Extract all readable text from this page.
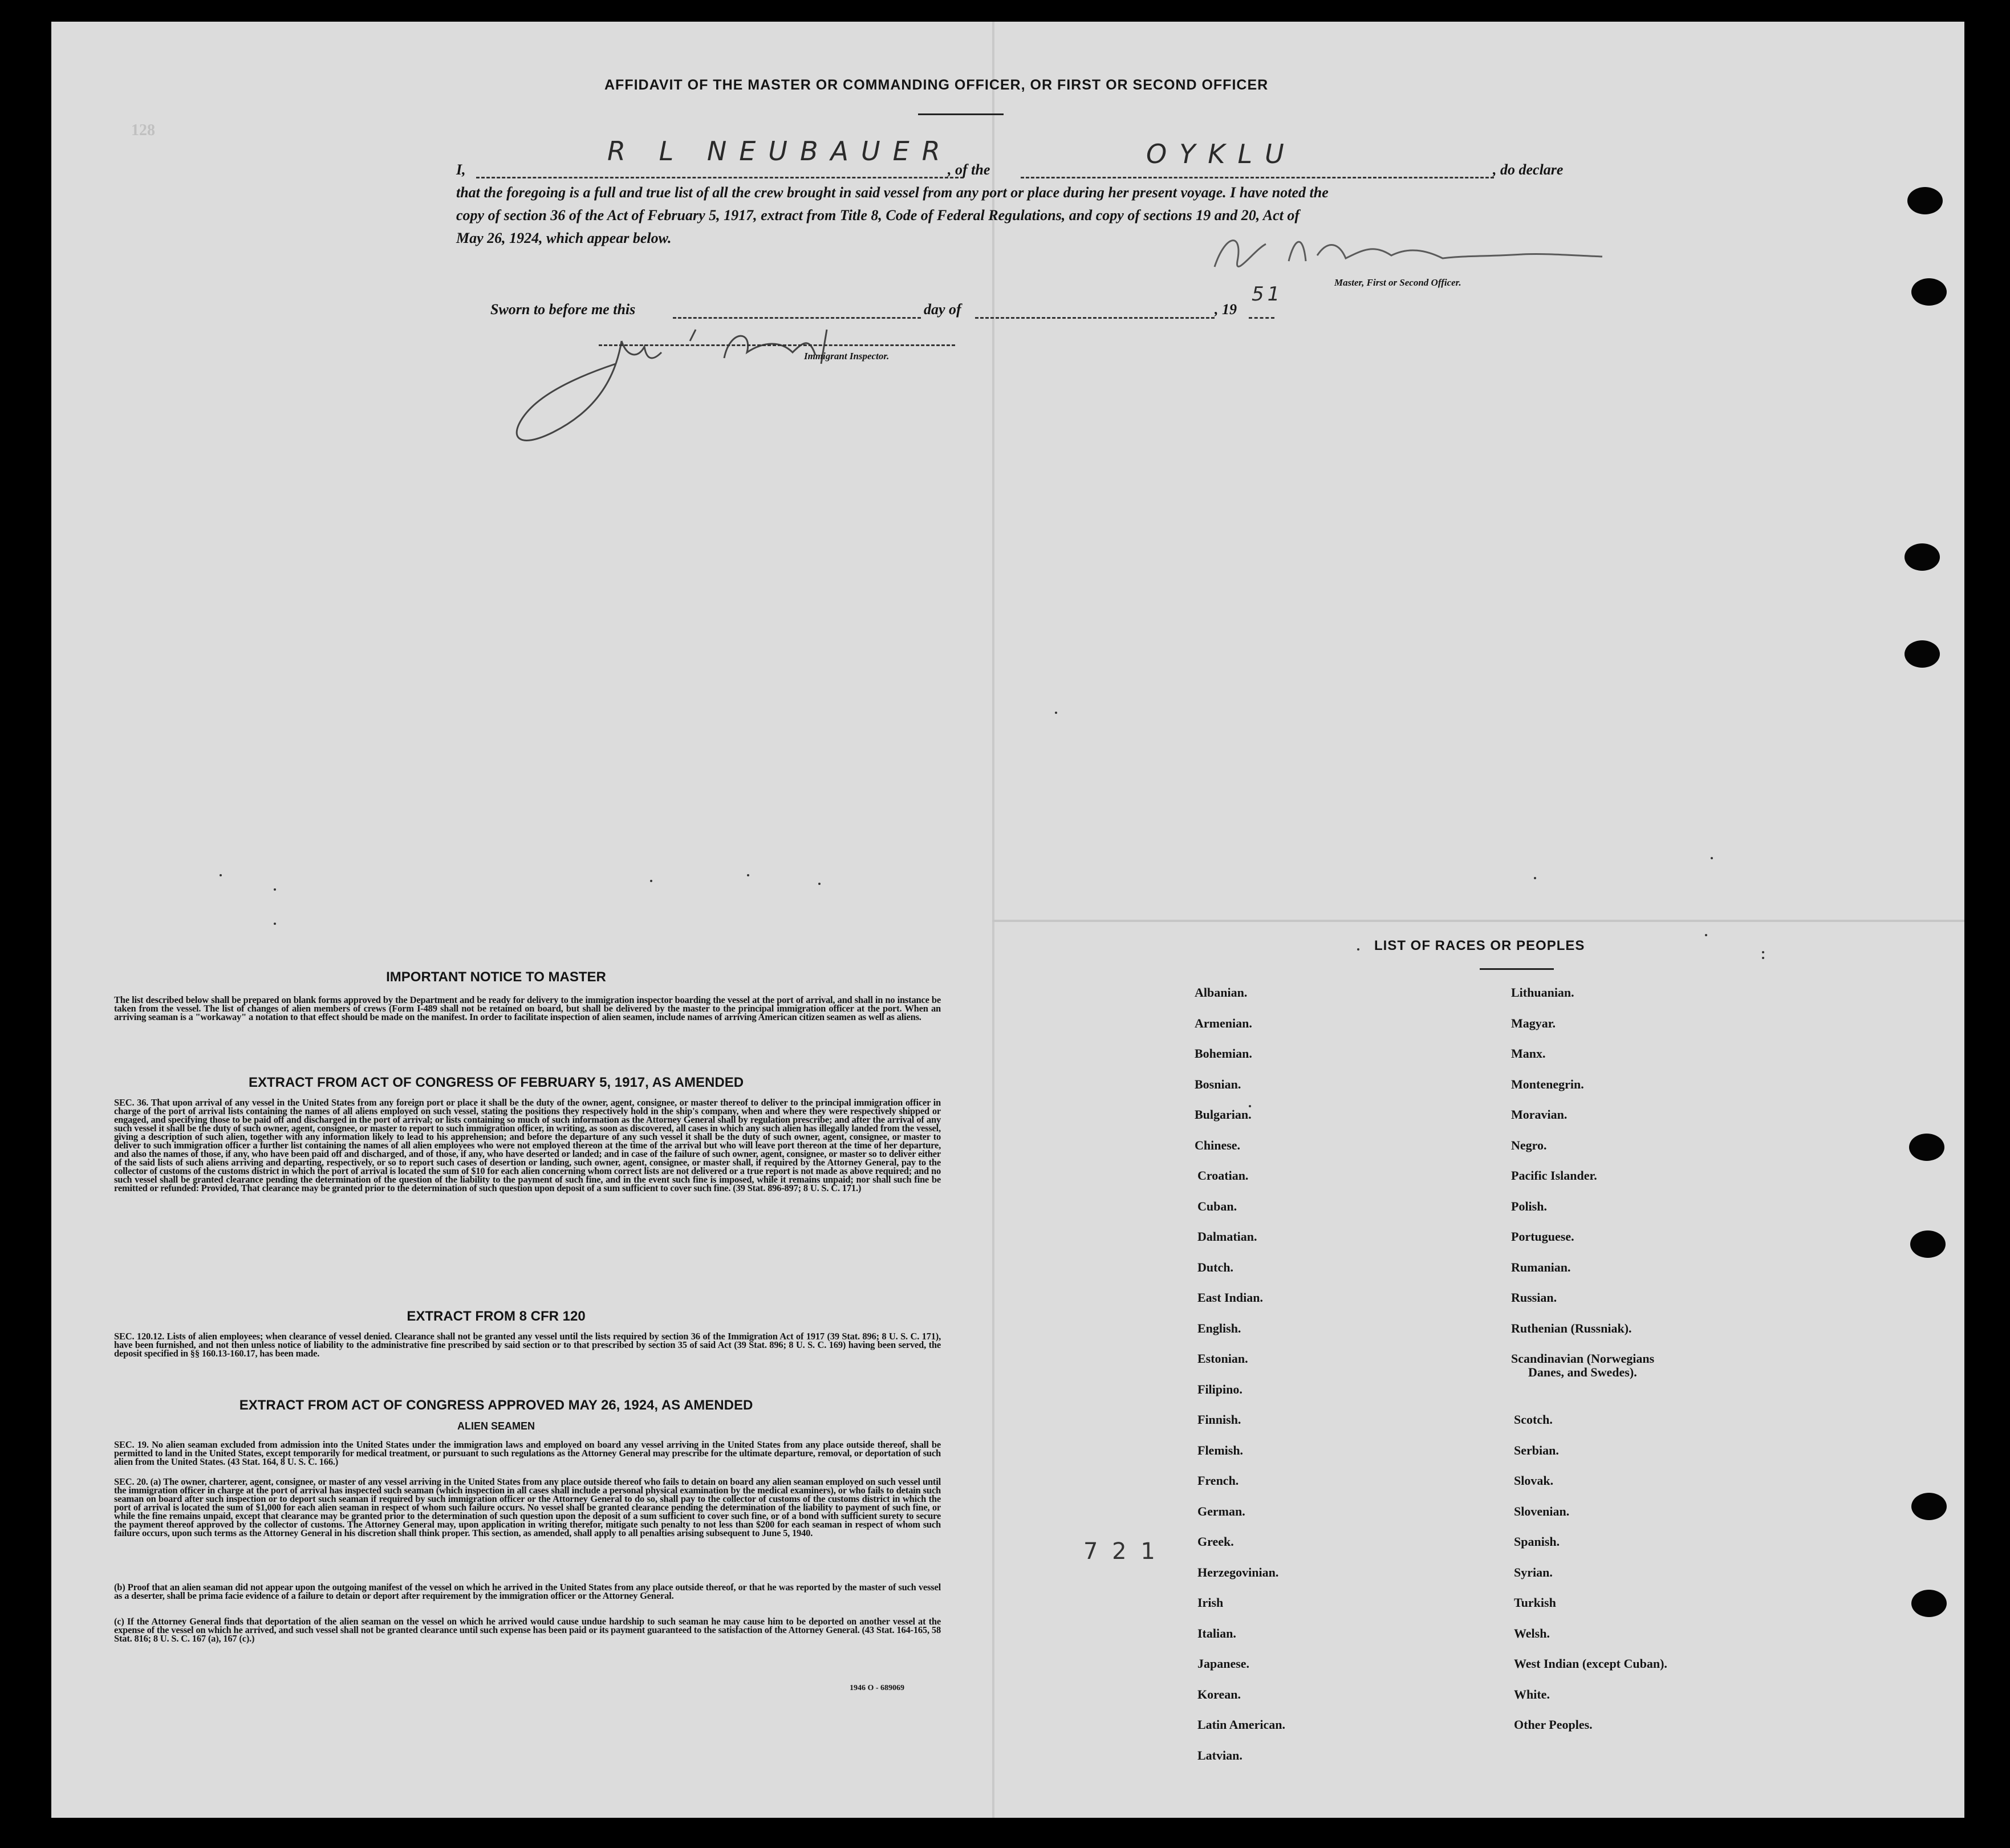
128
AFFIDAVIT OF THE MASTER OR COMMANDING OFFICER, OR FIRST OR SECOND OFFICER
I,
R L NEUBAUER
, of the
OYKLU
, do declare
that the foregoing is a full and true list of all the crew brought in said vessel from any port or place during her present voyage. I have noted the
copy of section 36 of the Act of February 5, 1917, extract from Title 8, Code of Federal Regulations, and copy of sections 19 and 20, Act of
May 26, 1924, which appear below.
Master, First or Second Officer.
Sworn to before me this	day of	, 19
51
Immigrant Inspector.
IMPORTANT NOTICE TO MASTER
The list described below shall be prepared on blank forms approved by the Department and be ready for delivery to the immigration inspector boarding the vessel at the port of arrival, and shall in no instance be taken from the vessel. The list of changes of alien members of crews (Form I-489 shall not be retained on board, but shall be delivered by the master to the principal immigration officer at the port. When an arriving seaman is a "workaway" a notation to that effect should be made on the manifest. In order to facilitate inspection of alien seamen, include names of arriving American citizen seamen as well as aliens.
EXTRACT FROM ACT OF CONGRESS OF FEBRUARY 5, 1917, AS AMENDED
SEC. 36. That upon arrival of any vessel in the United States from any foreign port or place it shall be the duty of the owner, agent, consignee, or master thereof to deliver to the principal immigration officer in charge of the port of arrival lists containing the names of all aliens employed on such vessel, stating the positions they respectively hold in the ship's company, when and where they were respectively shipped or engaged, and specifying those to be paid off and discharged in the port of arrival; or lists containing so much of such information as the Attorney General shall by regulation prescribe; and after the arrival of any such vessel it shall be the duty of such owner, agent, consignee, or master to report to such immigration officer, in writing, as soon as discovered, all cases in which any such alien has illegally landed from the vessel, giving a description of such alien, together with any information likely to lead to his apprehension; and before the departure of any such vessel it shall be the duty of such owner, agent, consignee, or master to deliver to such immigration officer a further list containing the names of all alien employees who were not employed thereon at the time of the arrival but who will leave port thereon at the time of her departure, and also the names of those, if any, who have been paid off and discharged, and of those, if any, who have deserted or landed; and in case of the failure of such owner, agent, consignee, or master so to deliver either of the said lists of such aliens arriving and departing, respectively, or so to report such cases of desertion or landing, such owner, agent, consignee, or master shall, if required by the Attorney General, pay to the collector of customs of the customs district in which the port of arrival is located the sum of $10 for each alien concerning whom correct lists are not delivered or a true report is not made as above required; and no such vessel shall be granted clearance pending the determination of the question of the liability to the payment of such fine, and in the event such fine is imposed, while it remains unpaid; nor shall such fine be remitted or refunded: Provided, That clearance may be granted prior to the determination of such question upon deposit of a sum sufficient to cover such fine. (39 Stat. 896-897; 8 U. S. C. 171.)
EXTRACT FROM 8 CFR 120
SEC. 120.12. Lists of alien employees; when clearance of vessel denied. Clearance shall not be granted any vessel until the lists required by section 36 of the Immigration Act of 1917 (39 Stat. 896; 8 U. S. C. 171), have been furnished, and not then unless notice of liability to the administrative fine prescribed by said section or to that prescribed by section 35 of said Act (39 Stat. 896; 8 U. S. C. 169) having been served, the deposit specified in §§ 160.13-160.17, has been made.
EXTRACT FROM ACT OF CONGRESS APPROVED MAY 26, 1924, AS AMENDED
ALIEN SEAMEN
SEC. 19. No alien seaman excluded from admission into the United States under the immigration laws and employed on board any vessel arriving in the United States from any place outside thereof, shall be permitted to land in the United States, except temporarily for medical treatment, or pursuant to such regulations as the Attorney General may prescribe for the ultimate departure, removal, or deportation of such alien from the United States. (43 Stat. 164, 8 U. S. C. 166.)
SEC. 20. (a) The owner, charterer, agent, consignee, or master of any vessel arriving in the United States from any place outside thereof who fails to detain on board any alien seaman employed on such vessel until the immigration officer in charge at the port of arrival has inspected such seaman (which inspection in all cases shall include a personal physical examination by the medical examiners), or who fails to detain such seaman on board after such inspection or to deport such seaman if required by such immigration officer or the Attorney General to do so, shall pay to the collector of customs of the customs district in which the port of arrival is located the sum of $1,000 for each alien seaman in respect of whom such failure occurs. No vessel shall be granted clearance pending the determination of the liability to payment of such fine, or while the fine remains unpaid, except that clearance may be granted prior to the determination of such question upon the deposit of a sum sufficient to cover such fine, or of a bond with sufficient surety to secure the payment thereof approved by the collector of customs. The Attorney General may, upon application in writing therefor, mitigate such penalty to not less than $200 for each seaman in respect of whom such failure occurs, upon such terms as the Attorney General in his discretion shall think proper. This section, as amended, shall apply to all penalties arising subsequent to June 5, 1940.
(b) Proof that an alien seaman did not appear upon the outgoing manifest of the vessel on which he arrived in the United States from any place outside thereof, or that he was reported by the master of such vessel as a deserter, shall be prima facie evidence of a failure to detain or deport after requirement by the immigration officer or the Attorney General.
(c) If the Attorney General finds that deportation of the alien seaman on the vessel on which he arrived would cause undue hardship to such seaman he may cause him to be deported on another vessel at the expense of the vessel on which he arrived, and such vessel shall not be granted clearance until such expense has been paid or its payment guaranteed to the satisfaction of the Attorney General. (43 Stat. 164-165, 58 Stat. 816; 8 U. S. C. 167 (a), 167 (c).)
1946 O - 689069
LIST OF RACES OR PEOPLES
Albanian.
Armenian.
Bohemian.
Bosnian.
Bulgarian.
Chinese.
Croatian.
Cuban.
Dalmatian.
Dutch.
East Indian.
English.
Estonian.
Filipino.
Finnish.
Flemish.
French.
German.
Greek.
Herzegovinian.
Irish
Italian.
Japanese.
Korean.
Latin American.
Latvian.
Lithuanian.
Magyar.
Manx.
Montenegrin.
Moravian.
Negro.
Pacific Islander.
Polish.
Portuguese.
Rumanian.
Russian.
Ruthenian (Russniak).
Scandinavian (Norwegians
Scotch.
Serbian.
Slovak.
Slovenian.
Spanish.
Syrian.
Turkish
Welsh.
West Indian (except Cuban).
White.
Other Peoples.
Danes, and Swedes).
7 2 1
